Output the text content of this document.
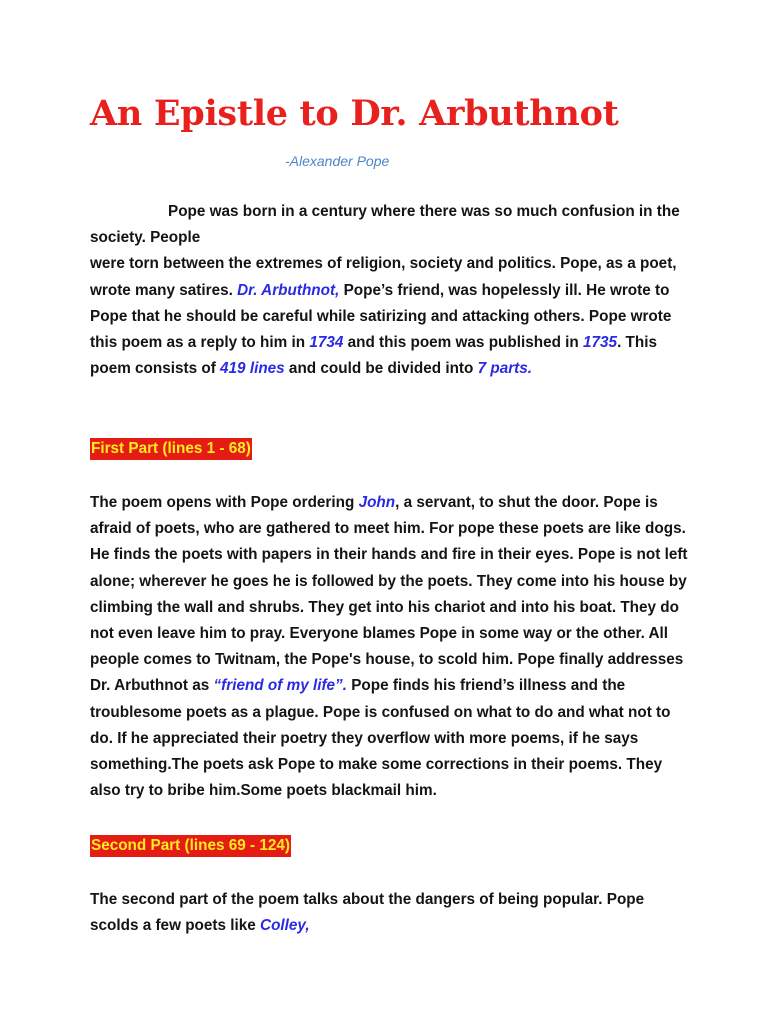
An Epistle to Dr. Arbuthnot
-Alexander Pope

Pope was born in a century where there was so much confusion in the society. People
were torn between the extremes of religion, society and politics. Pope, as a poet, wrote many satires. Dr. Arbuthnot, Pope’s friend, was hopelessly ill. He wrote to Pope that he should be careful while satirizing and attacking others. Pope wrote this poem as a reply to him in 1734 and this poem was published in 1735. This poem consists of 419 lines and could be divided into 7 parts.

First Part (lines 1 - 68)

The poem opens with Pope ordering John, a servant, to shut the door. Pope is afraid of poets, who are gathered to meet him. For pope these poets are like dogs. He finds the poets with papers in their hands and fire in their eyes. Pope is not left alone; wherever he goes he is followed by the poets. They come into his house by climbing the wall and shrubs. They get into his chariot and into his boat. They do not even leave him to pray. Everyone blames Pope in some way or the other. All people comes to Twitnam, the Pope's house, to scold him. Pope finally addresses Dr. Arbuthnot as “friend of my life”. Pope finds his friend’s illness and the troublesome poets as a plague. Pope is confused on what to do and what not to do. If he appreciated their poetry they overflow with more poems, if he says something.The poets ask Pope to make some corrections in their poems. They also try to bribe him.Some poets blackmail him.

Second Part (lines 69 - 124)

The second part of the poem talks about the dangers of being popular. Pope scolds a few poets like Colley,
